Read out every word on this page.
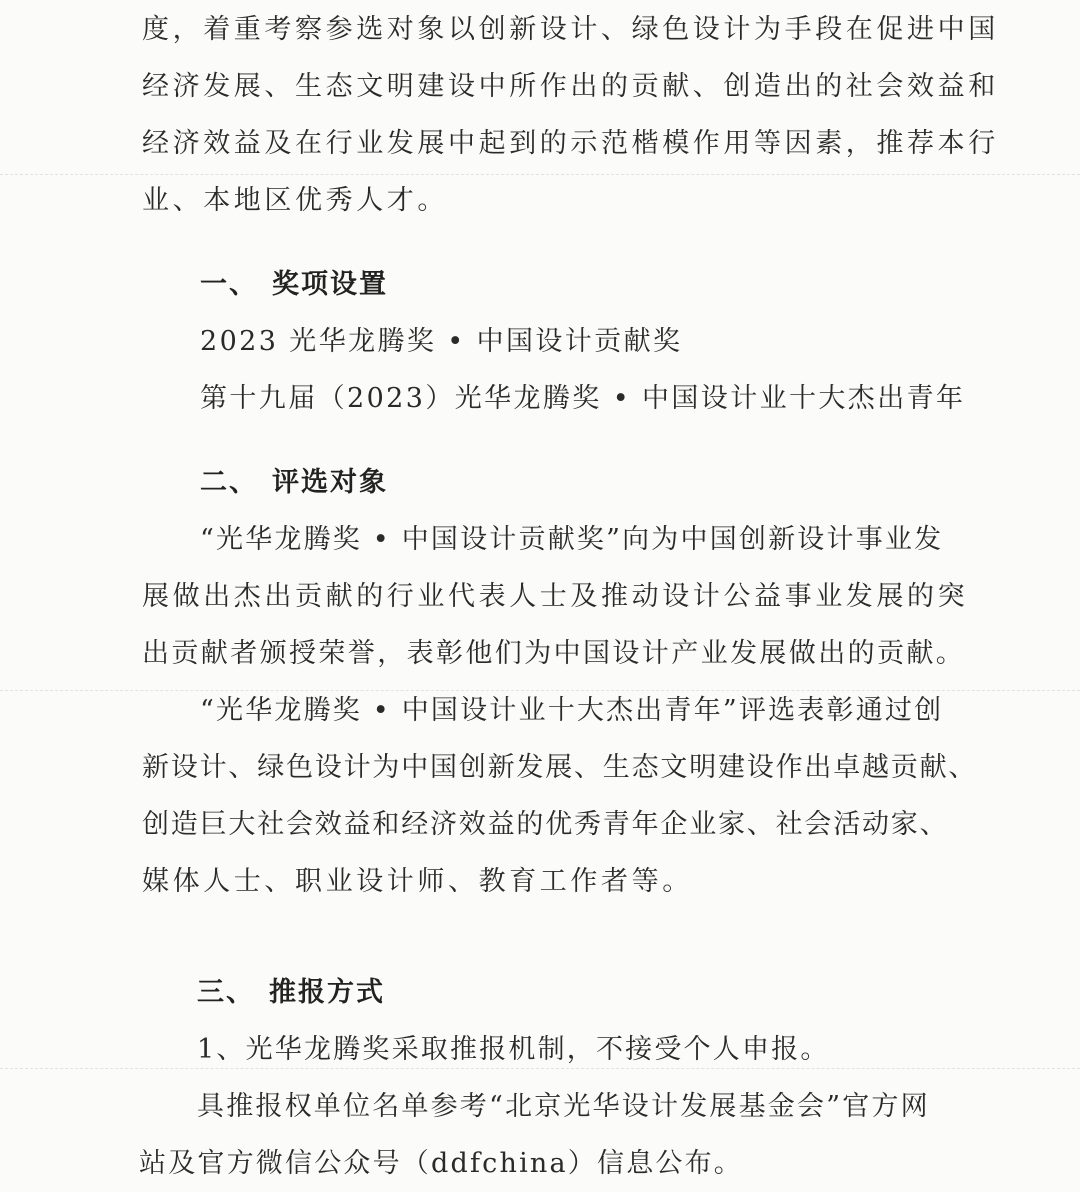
度，着重考察参选对象以创新设计、绿色设计为手段在促进中国
经济发展、生态文明建设中所作出的贡献、创造出的社会效益和
经济效益及在行业发展中起到的示范楷模作用等因素，推荐本行
业、本地区优秀人才。
一、 奖项设置
2023 光华龙腾奖 • 中国设计贡献奖
第十九届（2023）光华龙腾奖 • 中国设计业十大杰出青年
二、 评选对象
“光华龙腾奖 • 中国设计贡献奖”向为中国创新设计事业发
展做出杰出贡献的行业代表人士及推动设计公益事业发展的突
出贡献者颁授荣誉，表彰他们为中国设计产业发展做出的贡献。
“光华龙腾奖 • 中国设计业十大杰出青年”评选表彰通过创
新设计、绿色设计为中国创新发展、生态文明建设作出卓越贡献、
创造巨大社会效益和经济效益的优秀青年企业家、社会活动家、
媒体人士、职业设计师、教育工作者等。
三、 推报方式
1、光华龙腾奖采取推报机制，不接受个人申报。
具推报权单位名单参考“北京光华设计发展基金会”官方网
站及官方微信公众号（ddfchina）信息公布。
